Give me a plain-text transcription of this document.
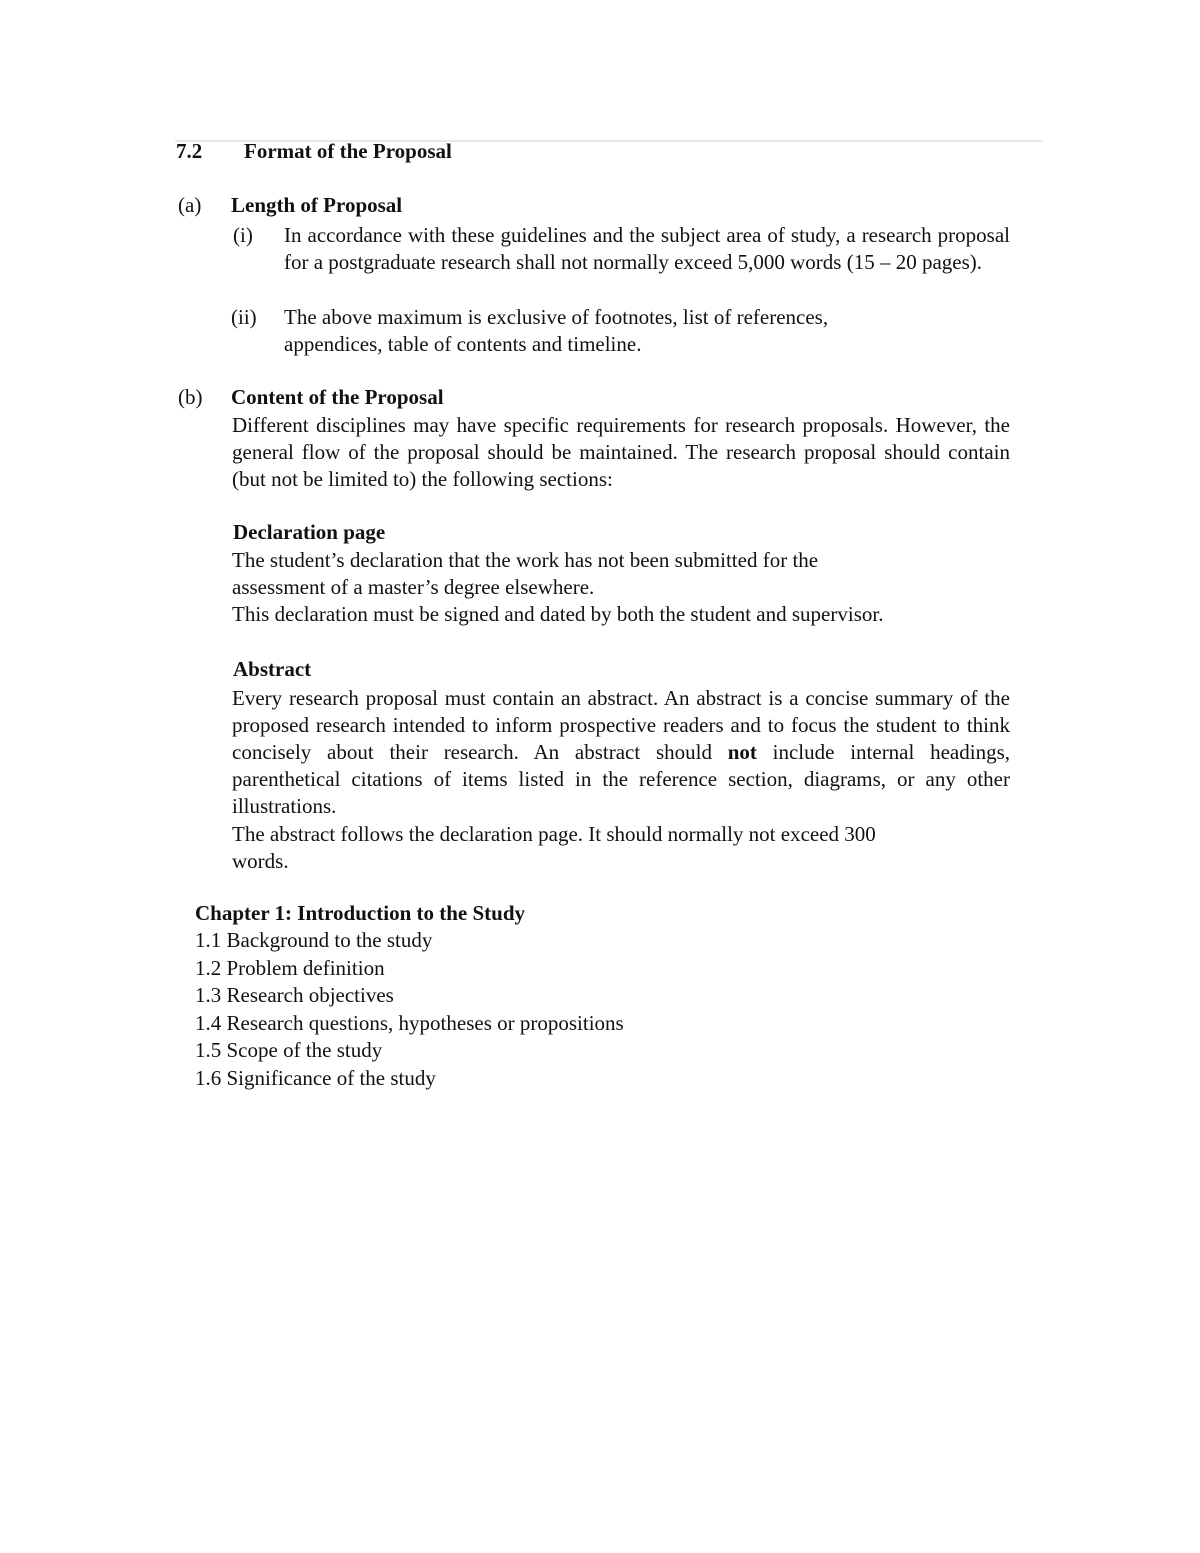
7.2 Format of the Proposal
(a) Length of Proposal
(i) In accordance with these guidelines and the subject area of study, a research proposal for a postgraduate research shall not normally exceed 5,000 words (15 – 20 pages).
(ii) The above maximum is exclusive of footnotes, list of references,
appendices, table of contents and timeline.
(b) Content of the Proposal
Different disciplines may have specific requirements for research proposals. However, the general flow of the proposal should be maintained. The research proposal should contain (but not be limited to) the following sections:
Declaration page
The student’s declaration that the work has not been submitted for the
assessment of a master’s degree elsewhere.
This declaration must be signed and dated by both the student and supervisor.
Abstract
Every research proposal must contain an abstract. An abstract is a concise summary of the proposed research intended to inform prospective readers and to focus the student to think concisely about their research. An abstract should not include internal headings, parenthetical citations of items listed in the reference section, diagrams, or any other illustrations.
The abstract follows the declaration page. It should normally not exceed 300
words.
Chapter 1: Introduction to the Study
1.1 Background to the study
1.2 Problem definition
1.3 Research objectives
1.4 Research questions, hypotheses or propositions
1.5 Scope of the study
1.6 Significance of the study
